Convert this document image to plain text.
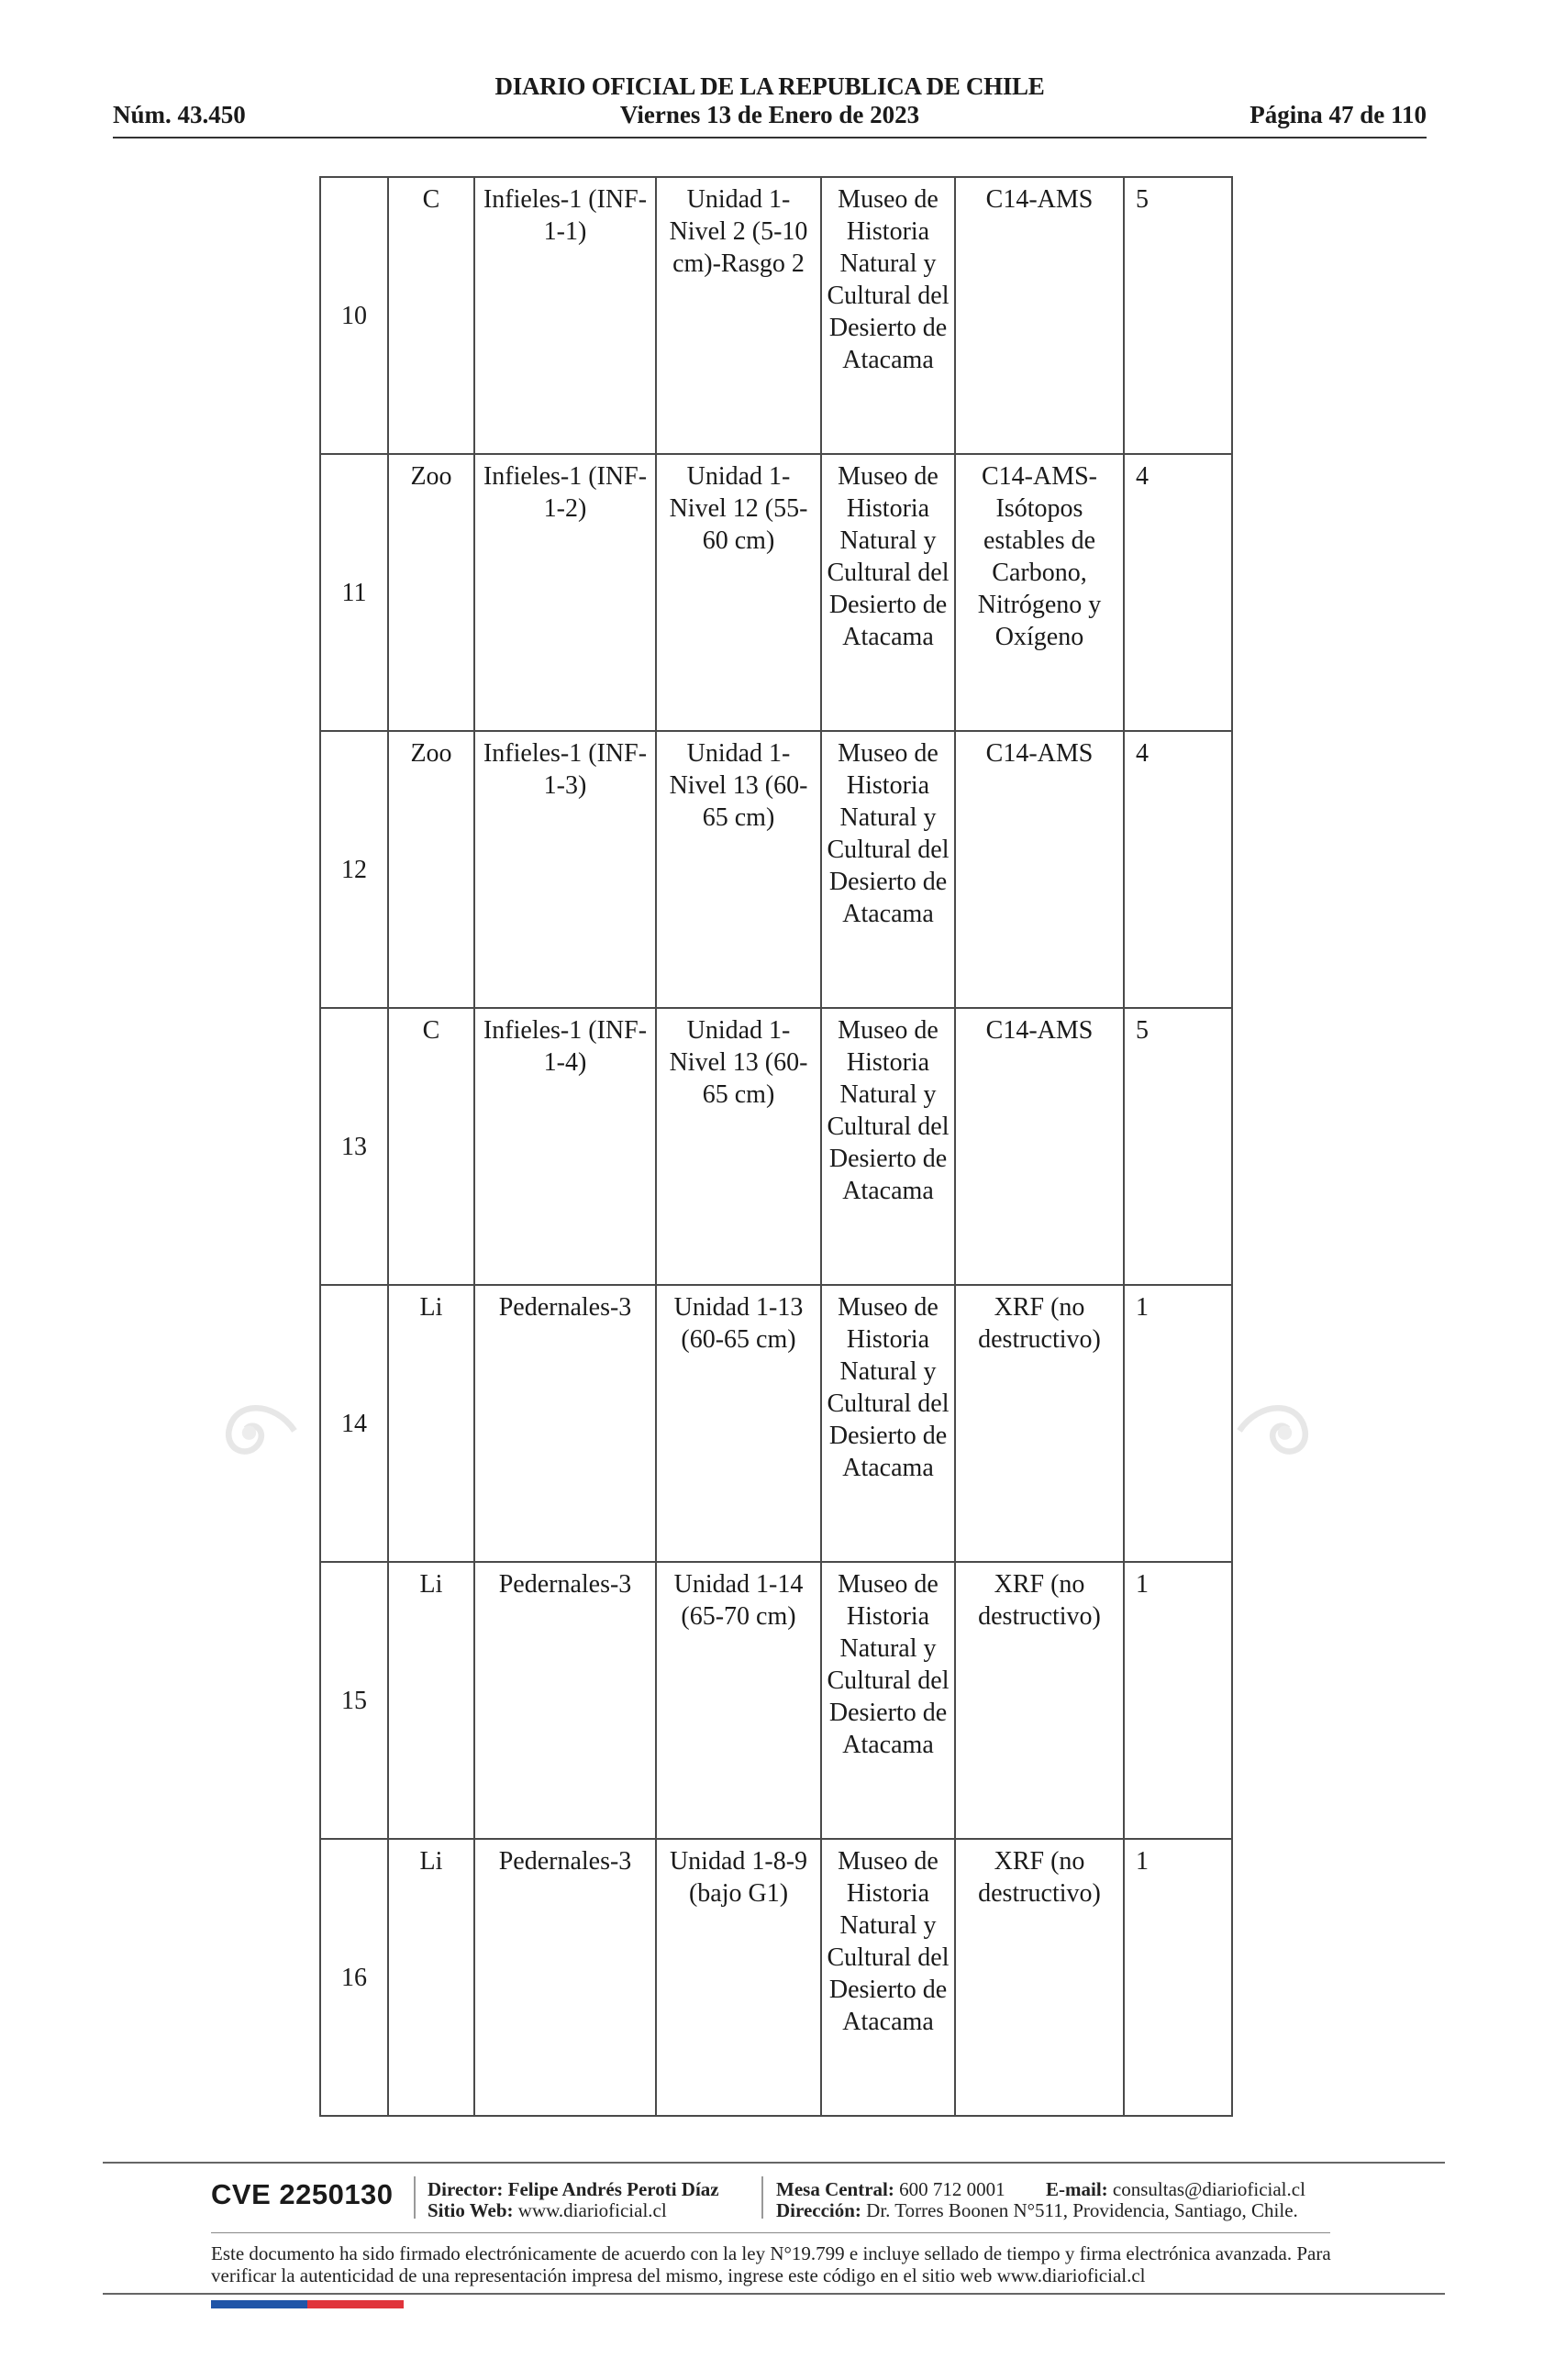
Núm. 43.450
DIARIO OFICIAL DE LA REPUBLICA DE CHILE
Viernes 13 de Enero de 2023	Página 47 de 110
10	C	Infieles-1 (INF-1-1)	Unidad 1-Nivel 2 (5-10 cm)-Rasgo 2	Museo de Historia Natural y Cultural del Desierto de Atacama	C14-AMS	5
11	Zoo	Infieles-1 (INF-1-2)	Unidad 1-Nivel 12 (55-60 cm)	Museo de Historia Natural y Cultural del Desierto de Atacama	C14-AMS-Isótopos estables de Carbono, Nitrógeno y Oxígeno	4
12	Zoo	Infieles-1 (INF-1-3)	Unidad 1-Nivel 13 (60-65 cm)	Museo de Historia Natural y Cultural del Desierto de Atacama	C14-AMS	4
13	C	Infieles-1 (INF-1-4)	Unidad 1-Nivel 13 (60-65 cm)	Museo de Historia Natural y Cultural del Desierto de Atacama	C14-AMS	5
14	Li	Pedernales-3	Unidad 1-13 (60-65 cm)	Museo de Historia Natural y Cultural del Desierto de Atacama	XRF (no destructivo)	1
15	Li	Pedernales-3	Unidad 1-14 (65-70 cm)	Museo de Historia Natural y Cultural del Desierto de Atacama	XRF (no destructivo)	1
16	Li	Pedernales-3	Unidad 1-8-9 (bajo G1)	Museo de Historia Natural y Cultural del Desierto de Atacama	XRF (no destructivo)	1
CVE 2250130 Director: Felipe Andrés Peroti Díaz
Sitio Web: www.diarioficial.cl
Mesa Central: 600 712 0001
Dirección: Dr. Torres Boonen N°511, Providencia, Santiago, Chile.
E-mail: consultas@diarioficial.cl
Este documento ha sido firmado electrónicamente de acuerdo con la ley N°19.799 e incluye sellado de tiempo y firma electrónica avanzada. Para verificar la autenticidad de una representación impresa del mismo, ingrese este código en el sitio web www.diarioficial.cl
